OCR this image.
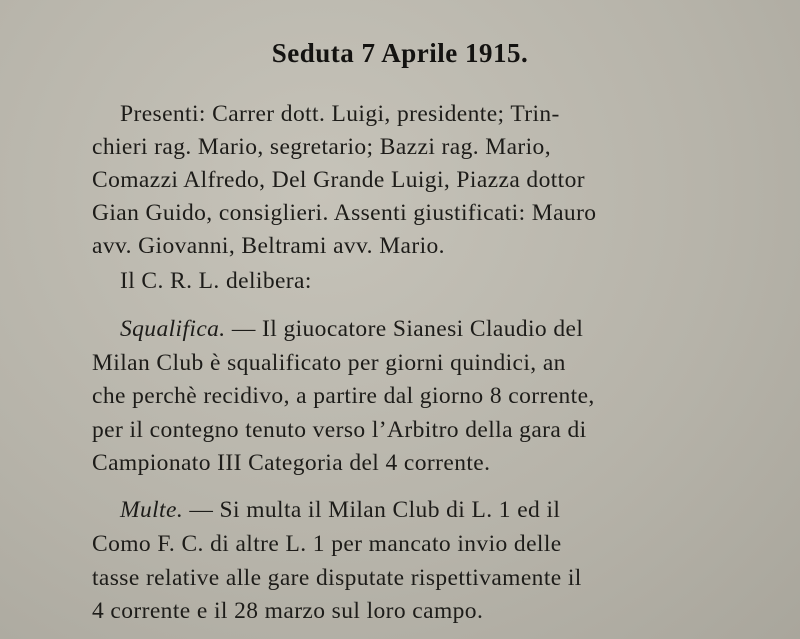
Seduta 7 Aprile 1915.
Presenti: Carrer dott. Luigi, presidente; Trin-
chieri rag. Mario, segretario; Bazzi rag. Mario,
Comazzi Alfredo, Del Grande Luigi, Piazza dottor
Gian Guido, consiglieri. Assenti giustificati: Mauro
avv. Giovanni, Beltrami avv. Mario.
Il C. R. L. delibera:
Squalifica. — Il giuocatore Sianesi Claudio del
Milan Club è squalificato per giorni quindici, an
che perchè recidivo, a partire dal giorno 8 corrente,
per il contegno tenuto verso l’Arbitro della gara di
Campionato III Categoria del 4 corrente.
Multe. — Si multa il Milan Club di L. 1 ed il
Como F. C. di altre L. 1 per mancato invio delle
tasse relative alle gare disputate rispettivamente il
4 corrente e il 28 marzo sul loro campo.
